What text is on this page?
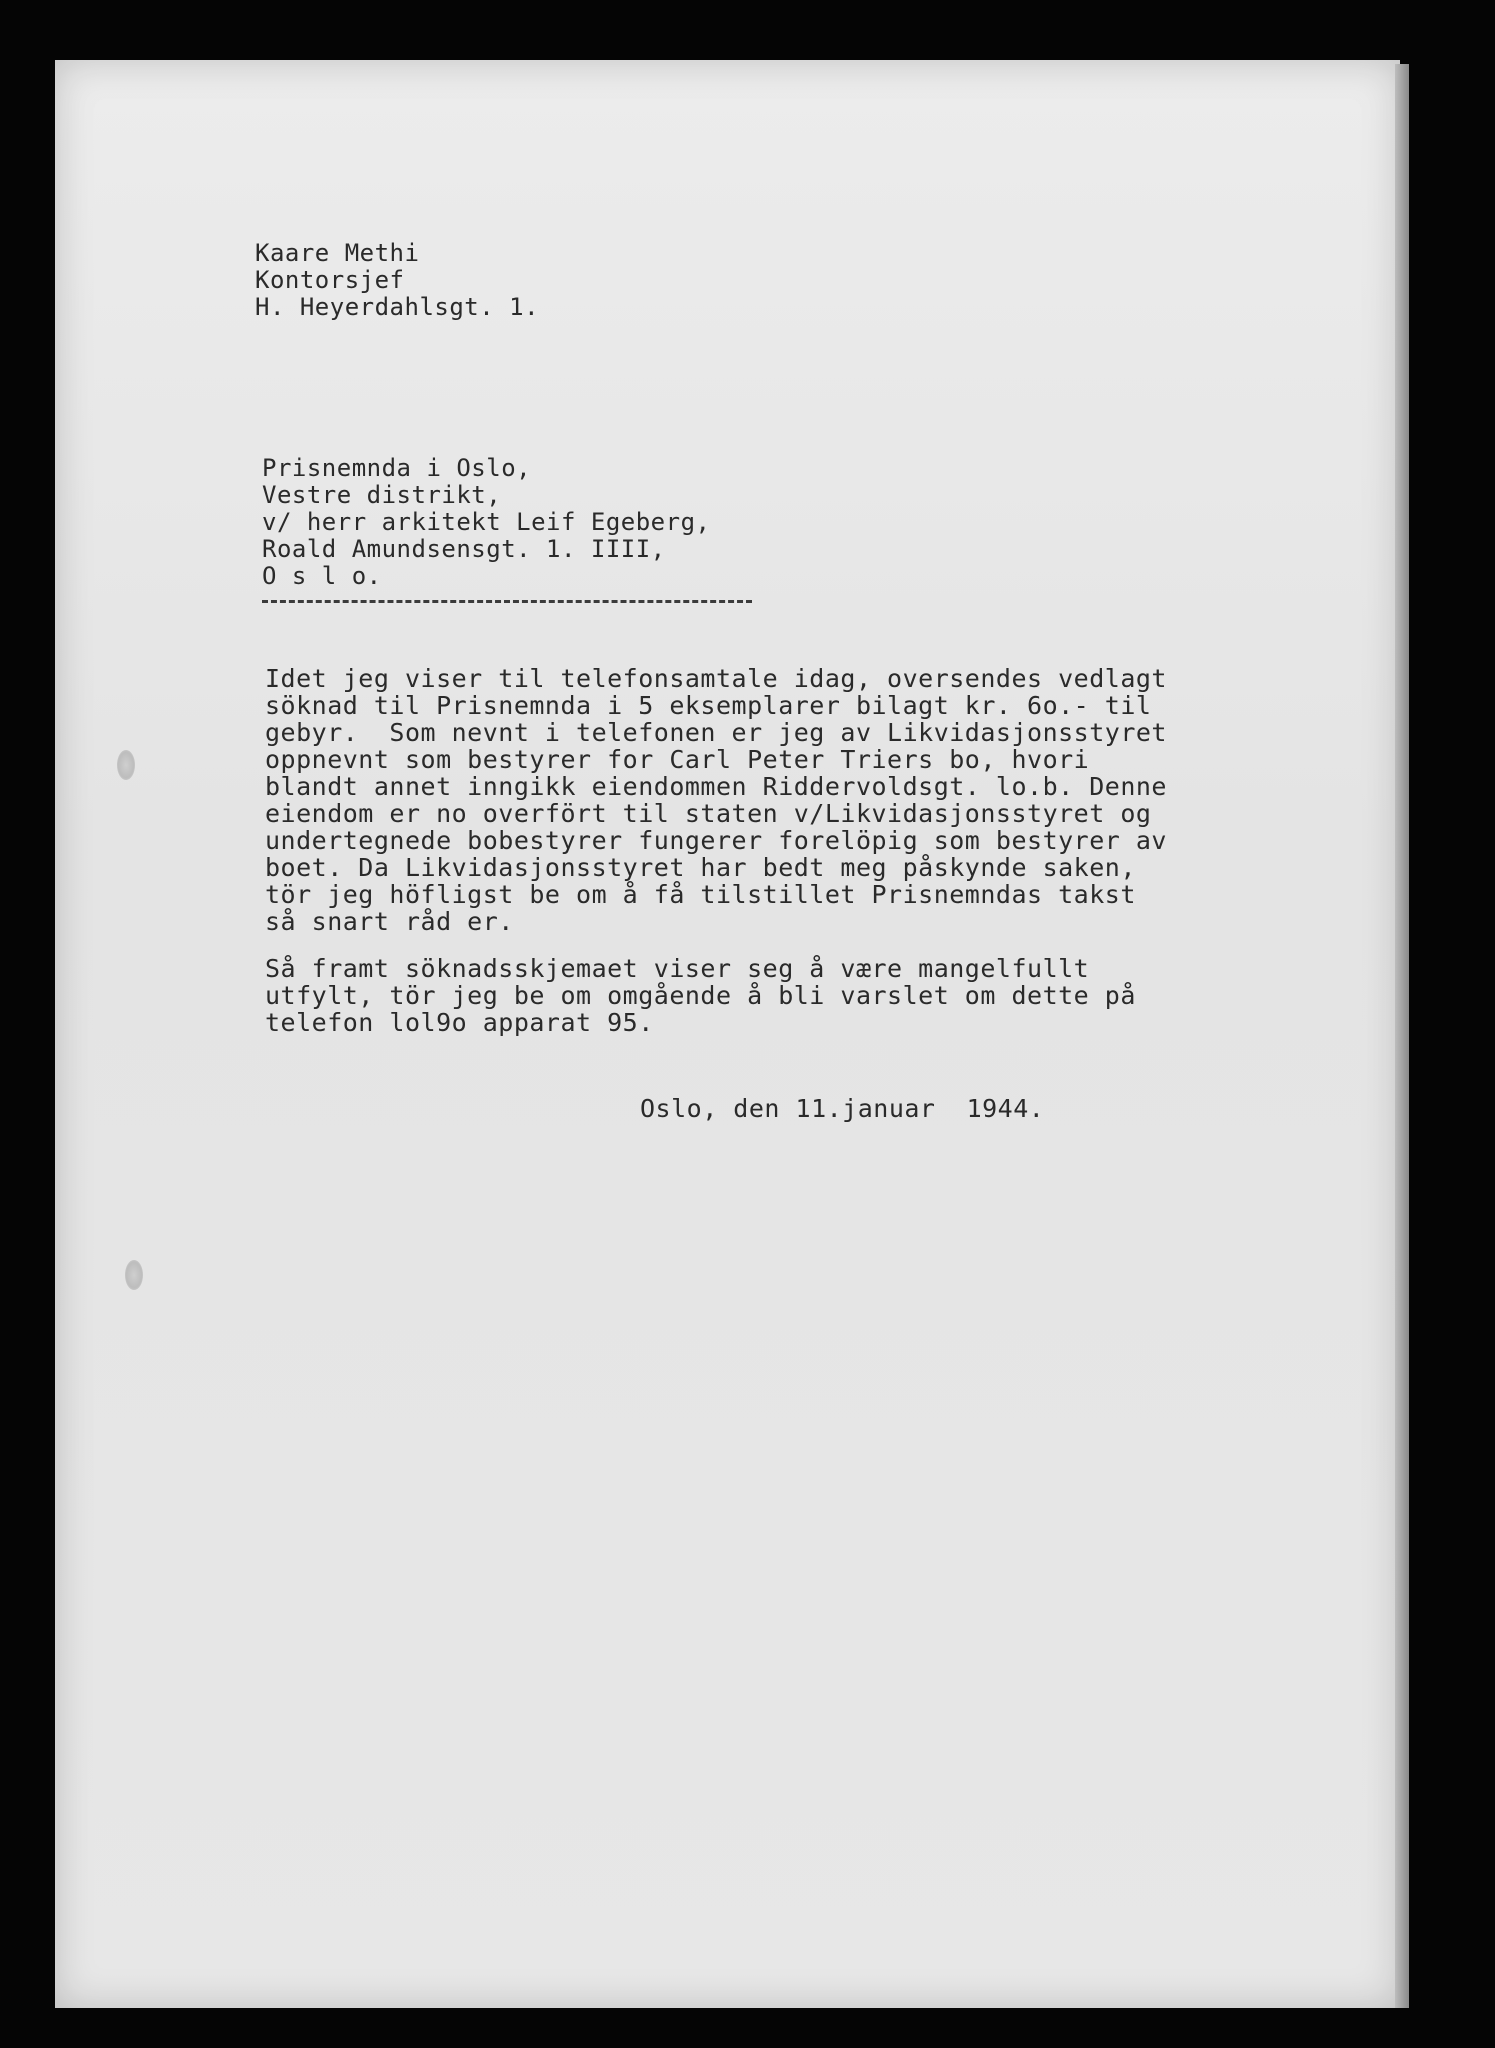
Kaare Methi
Kontorsjef
H. Heyerdahlsgt. 1.
Prisnemnda i Oslo,
Vestre distrikt,
v/ herr arkitekt Leif Egeberg,
Roald Amundsensgt. 1. IIII,
O s l o.
Idet jeg viser til telefonsamtale idag, oversendes vedlagt
söknad til Prisnemnda i 5 eksemplarer bilagt kr. 6o.- til
gebyr.  Som nevnt i telefonen er jeg av Likvidasjonsstyret
oppnevnt som bestyrer for Carl Peter Triers bo, hvori
blandt annet inngikk eiendommen Riddervoldsgt. lo.b. Denne
eiendom er no overfört til staten v/Likvidasjonsstyret og
undertegnede bobestyrer fungerer forelöpig som bestyrer av
boet. Da Likvidasjonsstyret har bedt meg påskynde saken,
tör jeg höfligst be om å få tilstillet Prisnemndas takst
så snart råd er.
Så framt söknadsskjemaet viser seg å være mangelfullt
utfylt, tör jeg be om omgående å bli varslet om dette på
telefon lol9o apparat 95.
Oslo, den 11.januar  1944.
